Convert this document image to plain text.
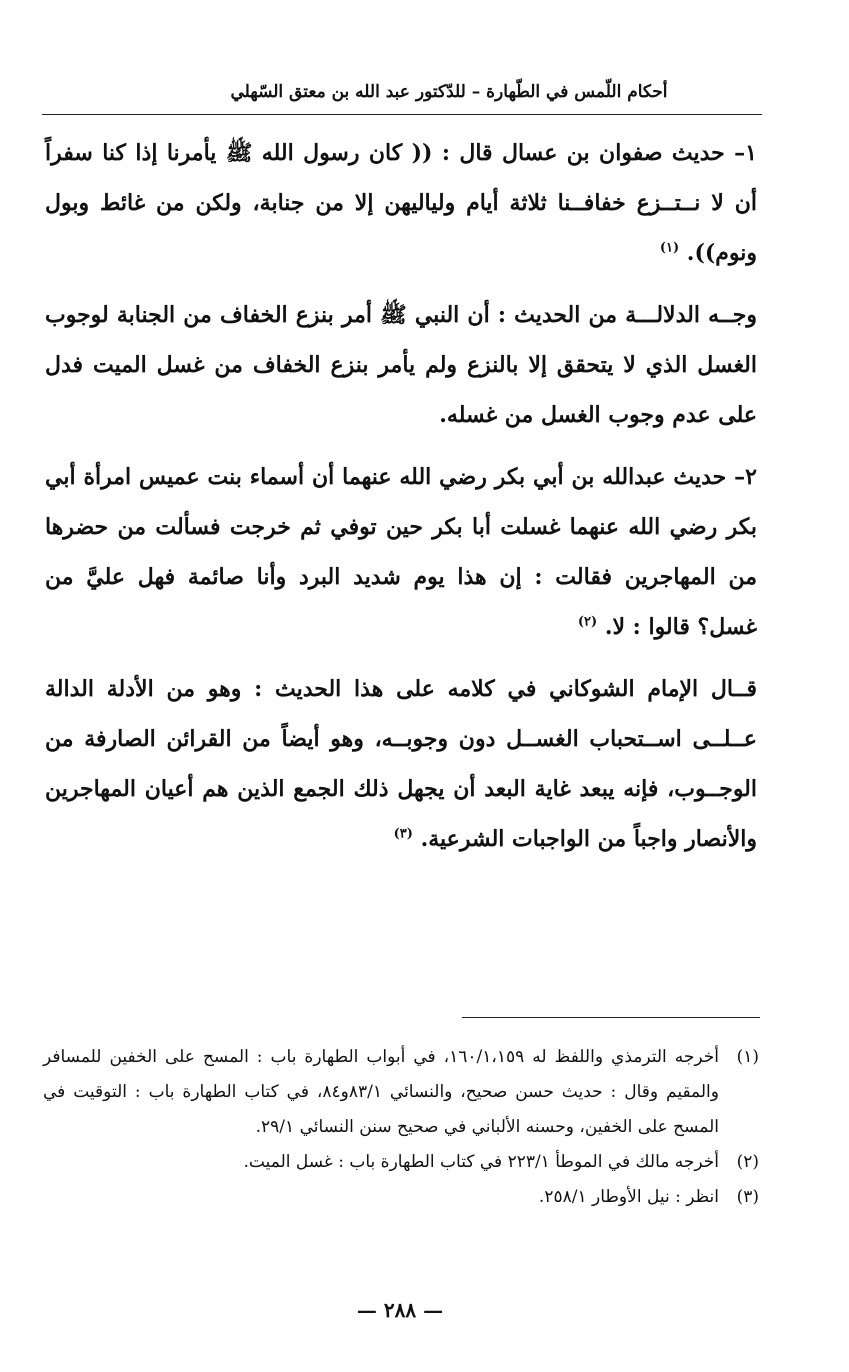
أحكام اللّمس في الطّهارة – للدّكتور عبد الله بن معتق السّهلي

١– حديث صفوان بن عسال قال : (( كان رسول الله ﷺ يأمرنا إذا كنا سفراً أن لا نــتــزع خفافــنا ثلاثة أيام ولياليهن إلا من جنابة، ولكن من غائط وبول ونوم)). $^{(١)}$

وجــه الدلالـــة من الحديث : أن النبي ﷺ أمر بنزع الخفاف من الجنابة لوجوب الغسل الذي لا يتحقق إلا بالنزع ولم يأمر بنزع الخفاف من غسل الميت فدل على عدم وجوب الغسل من غسله.

٢– حديث عبدالله بن أبي بكر رضي الله عنهما أن أسماء بنت عميس امرأة أبي بكر رضي الله عنهما غسلت أبا بكر حين توفي ثم خرجت فسألت من حضرها من المهاجرين فقالت : إن هذا يوم شديد البرد وأنا صائمة فهل عليَّ من غسل؟ قالوا : لا. $^{(٢)}$

قــال الإمام الشوكاني في كلامه على هذا الحديث : وهو من الأدلة الدالة عــلــى اســتحباب الغســل دون وجوبــه، وهو أيضاً من القرائن الصارفة من الوجــوب، فإنه يبعد غاية البعد أن يجهل ذلك الجمع الذين هم أعيان المهاجرين والأنصار واجباً من الواجبات الشرعية. $^{(٣)}$

(١)
أخرجه الترمذي واللفظ له ١٦٠/١،١٥٩، في أبواب الطهارة باب : المسح على الخفين للمسافر والمقيم وقال : حديث حسن صحيح، والنسائي ٨٣/١و٨٤، في كتاب الطهارة باب : التوقيت في المسح على الخفين، وحسنه الألباني في صحيح سنن النسائي ٢٩/١.
(٢)
أخرجه مالك في الموطأ ٢٢٣/١ في كتاب الطهارة باب : غسل الميت.
(٣)
انظر : نيل الأوطار ٢٥٨/١.
— ٢٨٨ —
